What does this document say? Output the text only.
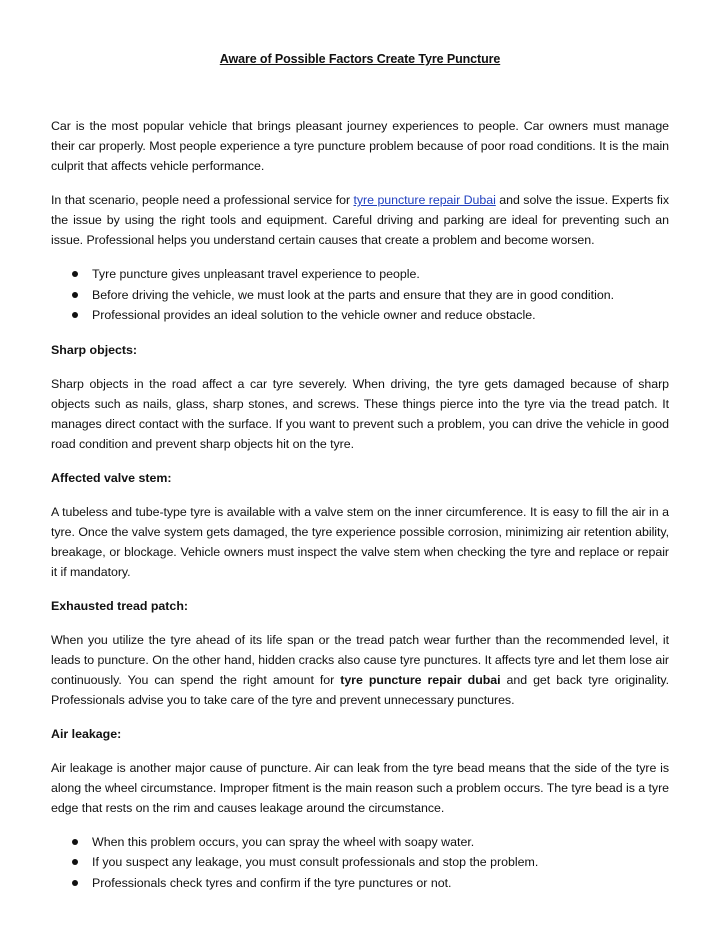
Aware of Possible Factors Create Tyre Puncture

Car is the most popular vehicle that brings pleasant journey experiences to people. Car owners must manage their car properly. Most people experience a tyre puncture problem because of poor road conditions. It is the main culprit that affects vehicle performance.

In that scenario, people need a professional service for tyre puncture repair Dubai and solve the issue. Experts fix the issue by using the right tools and equipment. Careful driving and parking are ideal for preventing such an issue. Professional helps you understand certain causes that create a problem and become worsen.

Tyre puncture gives unpleasant travel experience to people.
Before driving the vehicle, we must look at the parts and ensure that they are in good condition.
Professional provides an ideal solution to the vehicle owner and reduce obstacle.
Sharp objects:

Sharp objects in the road affect a car tyre severely. When driving, the tyre gets damaged because of sharp objects such as nails, glass, sharp stones, and screws. These things pierce into the tyre via the tread patch. It manages direct contact with the surface. If you want to prevent such a problem, you can drive the vehicle in good road condition and prevent sharp objects hit on the tyre.

Affected valve stem:

A tubeless and tube-type tyre is available with a valve stem on the inner circumference. It is easy to fill the air in a tyre. Once the valve system gets damaged, the tyre experience possible corrosion, minimizing air retention ability, breakage, or blockage. Vehicle owners must inspect the valve stem when checking the tyre and replace or repair it if mandatory.

Exhausted tread patch:

When you utilize the tyre ahead of its life span or the tread patch wear further than the recommended level, it leads to puncture. On the other hand, hidden cracks also cause tyre punctures. It affects tyre and let them lose air continuously. You can spend the right amount for tyre puncture repair dubai and get back tyre originality. Professionals advise you to take care of the tyre and prevent unnecessary punctures.

Air leakage:

Air leakage is another major cause of puncture. Air can leak from the tyre bead means that the side of the tyre is along the wheel circumstance. Improper fitment is the main reason such a problem occurs. The tyre bead is a tyre edge that rests on the rim and causes leakage around the circumstance.

When this problem occurs, you can spray the wheel with soapy water.
If you suspect any leakage, you must consult professionals and stop the problem.
Professionals check tyres and confirm if the tyre punctures or not.
